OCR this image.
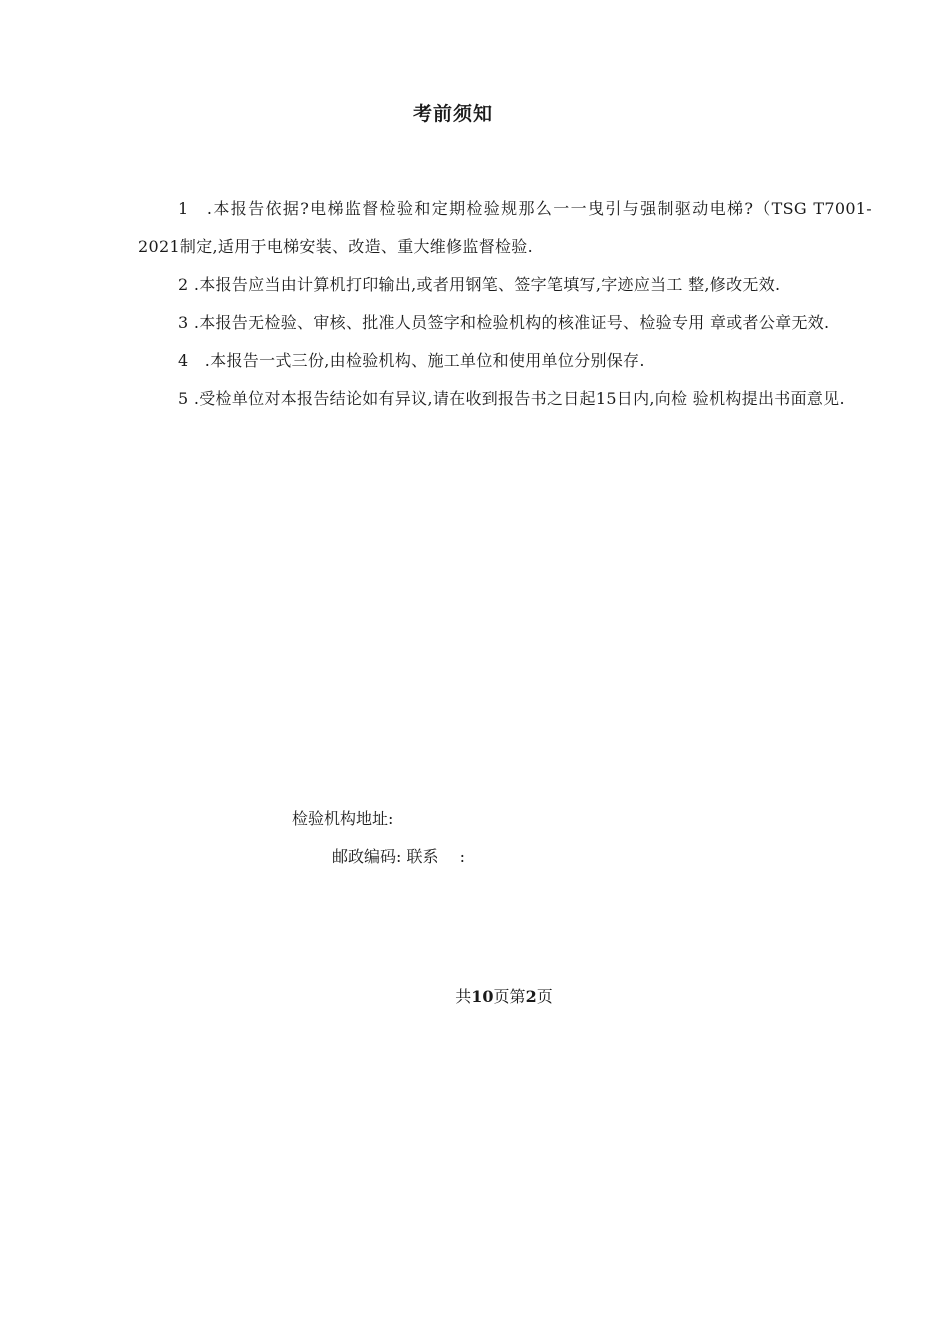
考前须知

1　.本报告依据?电梯监督检验和定期检验规那么一一曳引与强制驱动电梯?（TSG T7001-2021制定,适用于电梯安装、改造、重大维修监督检验.

2 .本报告应当由计算机打印输出,或者用钢笔、签字笔填写,字迹应当工 整,修改无效.

3 .本报告无检验、审核、批准人员签字和检验机构的核准证号、检验专用 章或者公章无效.

4　.本报告一式三份,由检验机构、施工单位和使用单位分别保存.

5 .受检单位对本报告结论如有异议,请在收到报告书之日起15日内,向检 验机构提出书面意见.

检验机构地址:
邮政编码: 联系　 :
共10页第2页
